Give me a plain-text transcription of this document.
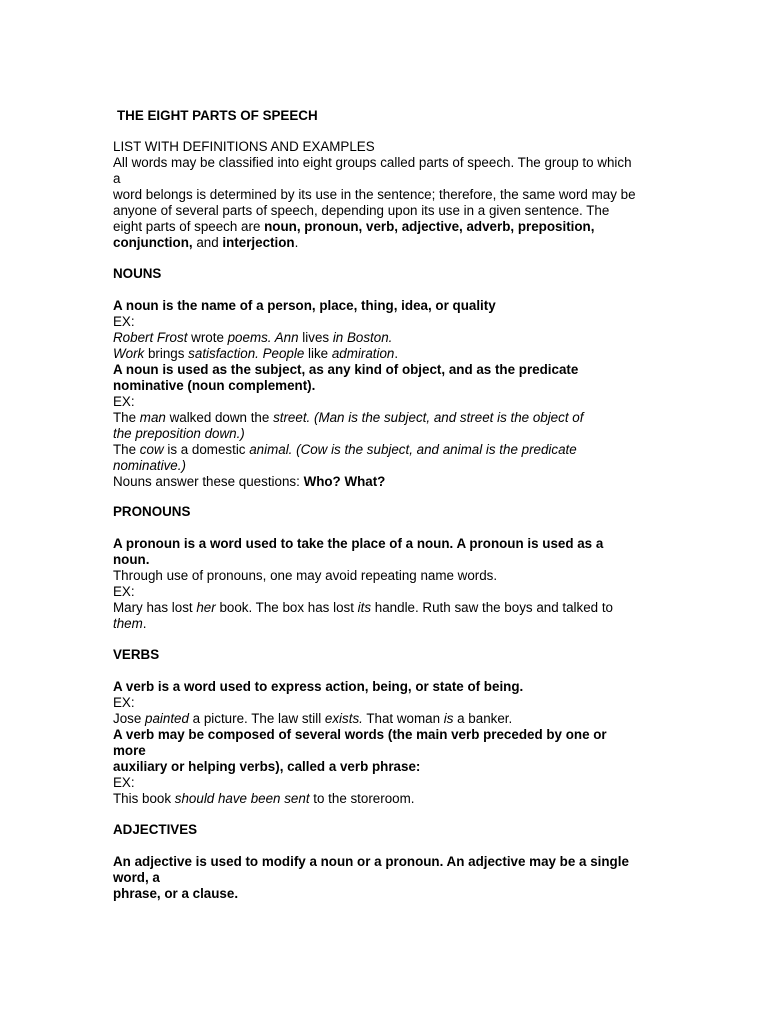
THE EIGHT PARTS OF SPEECH
LIST WITH DEFINITIONS AND EXAMPLES
All words may be classified into eight groups called parts of speech. The group to which
a
word belongs is determined by its use in the sentence; therefore, the same word may be
anyone of several parts of speech, depending upon its use in a given sentence. The
eight parts of speech are noun, pronoun, verb, adjective, adverb, preposition,
conjunction, and interjection.
NOUNS
A noun is the name of a person, place, thing, idea, or quality
EX:
Robert Frost wrote poems. Ann lives in Boston.
Work brings satisfaction. People like admiration.
A noun is used as the subject, as any kind of object, and as the predicate
nominative (noun complement).
EX:
The man walked down the street. (Man is the subject, and street is the object of
the preposition down.)
The cow is a domestic animal. (Cow is the subject, and animal is the predicate
nominative.)
Nouns answer these questions: Who? What?
PRONOUNS
A pronoun is a word used to take the place of a noun. A pronoun is used as a
noun.
Through use of pronouns, one may avoid repeating name words.
EX:
Mary has lost her book. The box has lost its handle. Ruth saw the boys and talked to
them.
VERBS
A verb is a word used to express action, being, or state of being.
EX:
Jose painted a picture. The law still exists. That woman is a banker.
A verb may be composed of several words (the main verb preceded by one or
more
auxiliary or helping verbs), called a verb phrase:
EX:
This book should have been sent to the storeroom.
ADJECTIVES
An adjective is used to modify a noun or a pronoun. An adjective may be a single
word, a
phrase, or a clause.
